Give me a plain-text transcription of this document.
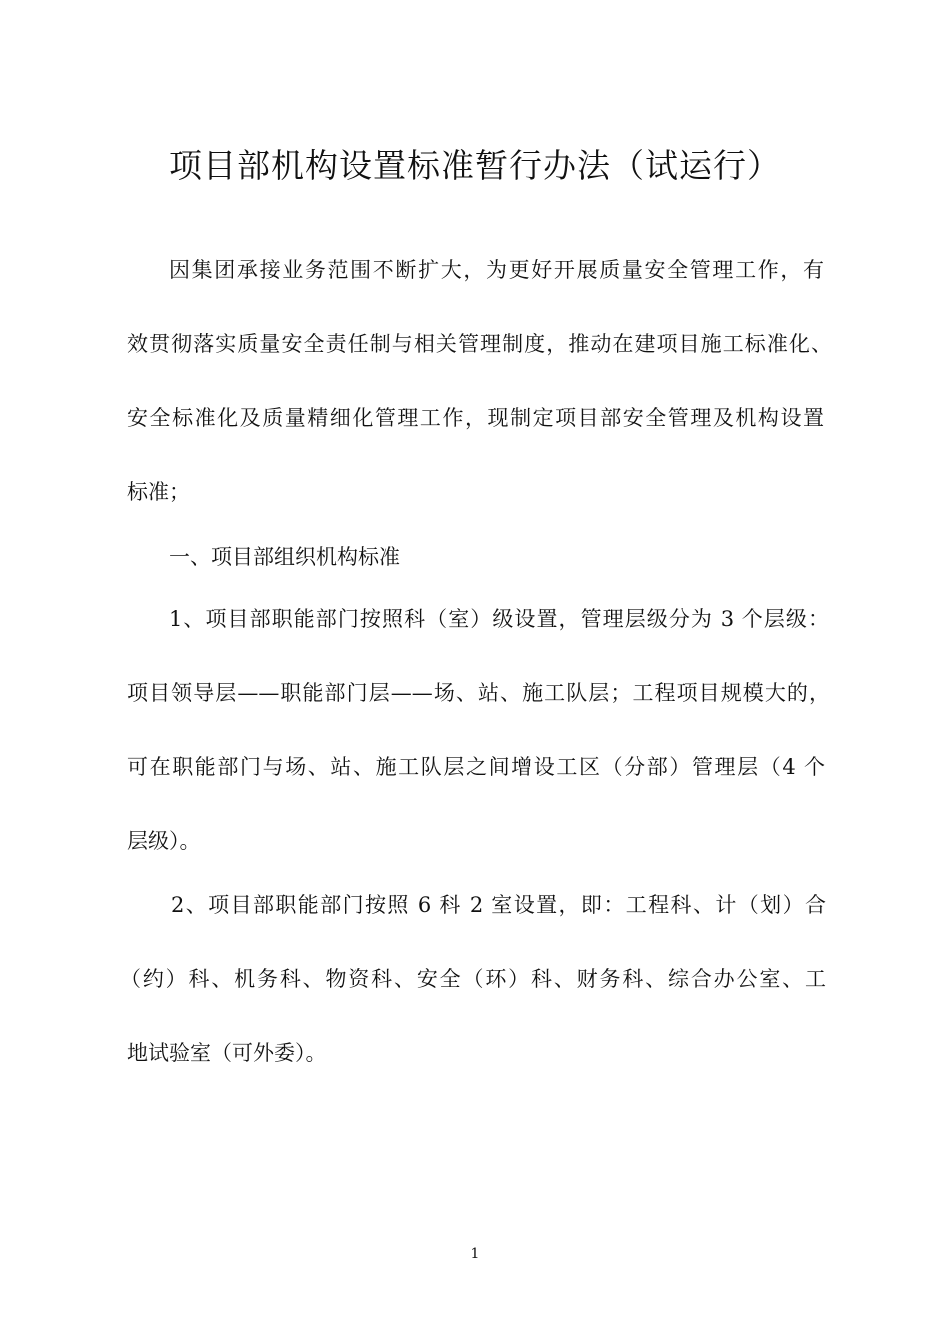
项目部机构设置标准暂行办法（试运行）
因集团承接业务范围不断扩大，为更好开展质量安全管理工作，有
效贯彻落实质量安全责任制与相关管理制度，推动在建项目施工标准化、
安全标准化及质量精细化管理工作，现制定项目部安全管理及机构设置
标准；
一、项目部组织机构标准
1、项目部职能部门按照科（室）级设置，管理层级分为 3 个层级：
项目领导层——职能部门层——场、站、施工队层；工程项目规模大的，
可在职能部门与场、站、施工队层之间增设工区（分部）管理层（4 个
层级）。
2、项目部职能部门按照 6 科 2 室设置，即：工程科、计（划）合
（约）科、机务科、物资科、安全（环）科、财务科、综合办公室、工
地试验室（可外委）。
1
